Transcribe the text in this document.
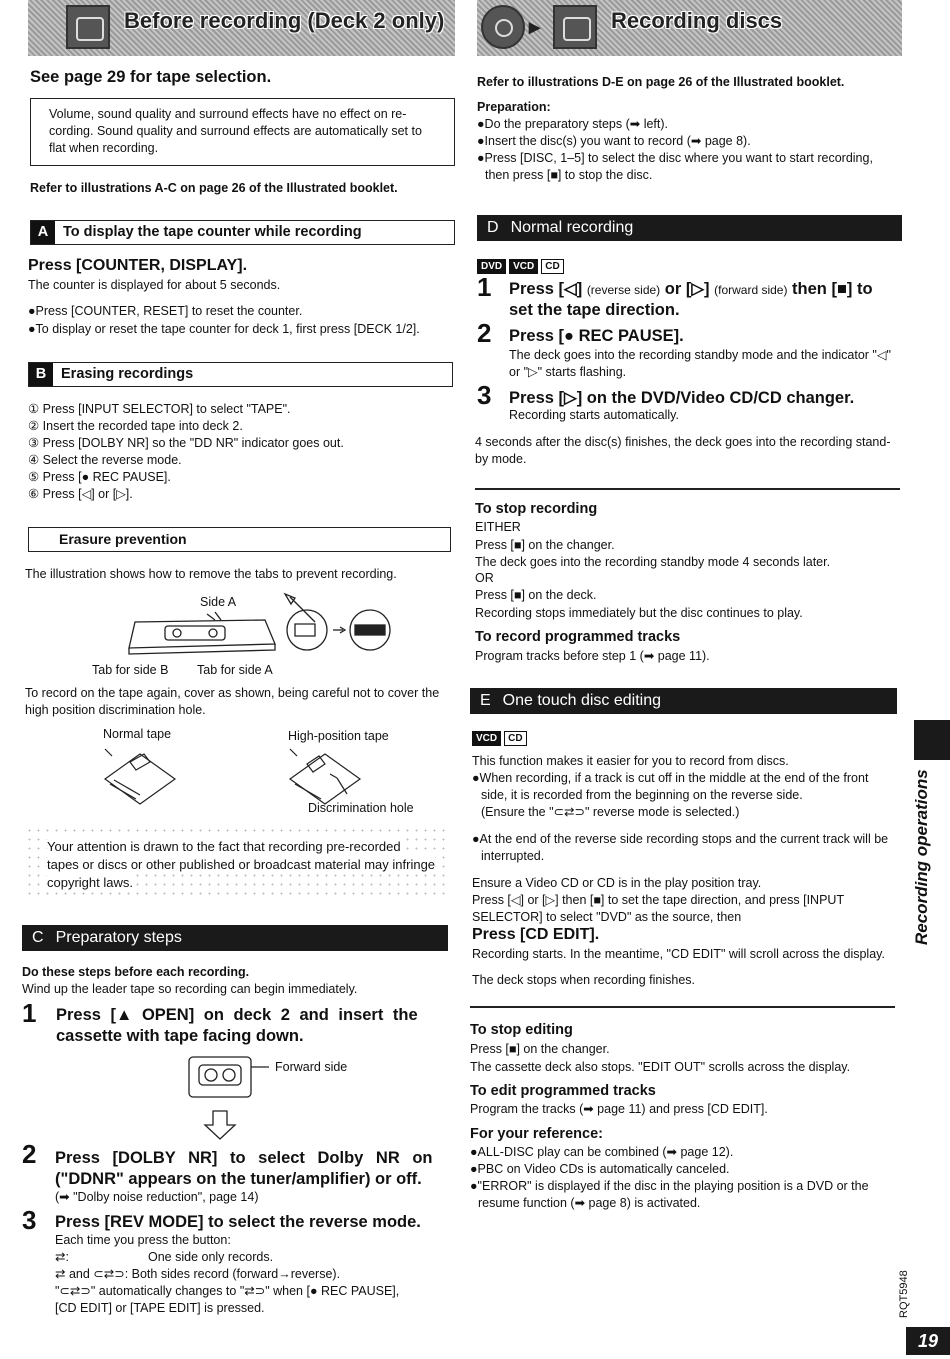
Before recording (Deck 2 only)	▸	Recording discs
See page 29 for tape selection.
Volume, sound quality and surround effects have no effect on re-
cording. Sound quality and surround effects are automatically set to
flat when recording.
Refer to illustrations A-C on page 26 of the Illustrated booklet.
A To display the tape counter while recording
Press [COUNTER, DISPLAY].
The counter is displayed for about 5 seconds.
●Press [COUNTER, RESET] to reset the counter.
●To display or reset the tape counter for deck 1, first press [DECK 1/2].
B Erasing recordings
① Press [INPUT SELECTOR] to select "TAPE".
② Insert the recorded tape into deck 2.
③ Press [DOLBY NR] so the "DD NR" indicator goes out.
④ Select the reverse mode.
⑤ Press [● REC PAUSE].
⑥ Press [◁] or [▷].
Erasure prevention
The illustration shows how to remove the tabs to prevent recording.
Side A
Tab for side B Tab for side A
To record on the tape again, cover as shown, being careful not to cover the
high position discrimination hole.
Normal tape	High-position tape
Discrimination hole
Your attention is drawn to the fact that recording pre-recorded
tapes or discs or other published or broadcast material may infringe
copyright laws.
C Preparatory steps
Do these steps before each recording.
Wind up the leader tape so recording can begin immediately.
1 Press [▲ OPEN] on deck 2 and insert the
cassette with tape facing down.
Forward side
2 Press [DOLBY NR] to select Dolby NR on
("DDNR" appears on the tuner/amplifier) or off.
(➡ "Dolby noise reduction", page 14)
3 Press [REV MODE] to select the reverse mode.
Each time you press the button:
⇄:	One side only records.
⇄ and ⊂⇄⊃: Both sides record (forward→reverse).
"⊂⇄⊃" automatically changes to "⇄⊃" when [● REC PAUSE],
[CD EDIT] or [TAPE EDIT] is pressed.
Refer to illustrations D-E on page 26 of the Illustrated booklet.
Preparation:
●Do the preparatory steps (➡ left).
●Insert the disc(s) you want to record (➡ page 8).
●Press [DISC, 1–5] to select the disc where you want to start recording,
then press [■] to stop the disc.
D Normal recording
DVD VCD CD
1 Press [◁] (reverse side) or [▷] (forward side) then [■] to
set the tape direction.
2 Press [● REC PAUSE].
The deck goes into the recording standby mode and the indicator "◁"
or "▷" starts flashing.
3 Press [▷] on the DVD/Video CD/CD changer.
Recording starts automatically.
4 seconds after the disc(s) finishes, the deck goes into the recording stand-
by mode.
To stop recording
EITHER
Press [■] on the changer.
The deck goes into the recording standby mode 4 seconds later.
OR
Press [■] on the deck.
Recording stops immediately but the disc continues to play.
To record programmed tracks
Program tracks before step 1 (➡ page 11).
E One touch disc editing
VCD CD
This function makes it easier for you to record from discs.
●When recording, if a track is cut off in the middle at the end of the front
side, it is recorded from the beginning on the reverse side.
(Ensure the "⊂⇄⊃" reverse mode is selected.)
●At the end of the reverse side recording stops and the current track will be
interrupted.
Ensure a Video CD or CD is in the play position tray.
Press [◁] or [▷] then [■] to set the tape direction, and press [INPUT
SELECTOR] to select "DVD" as the source, then
Press [CD EDIT].
Recording starts. In the meantime, "CD EDIT" will scroll across the display.
The deck stops when recording finishes.
To stop editing
Press [■] on the changer.
The cassette deck also stops. "EDIT OUT" scrolls across the display.
To edit programmed tracks
Program the tracks (➡ page 11) and press [CD EDIT].
For your reference:
●ALL-DISC play can be combined (➡ page 12).
●PBC on Video CDs is automatically canceled.
●"ERROR" is displayed if the disc in the playing position is a DVD or the
resume function (➡ page 8) is activated.
Recording operations
RQT5948
19
